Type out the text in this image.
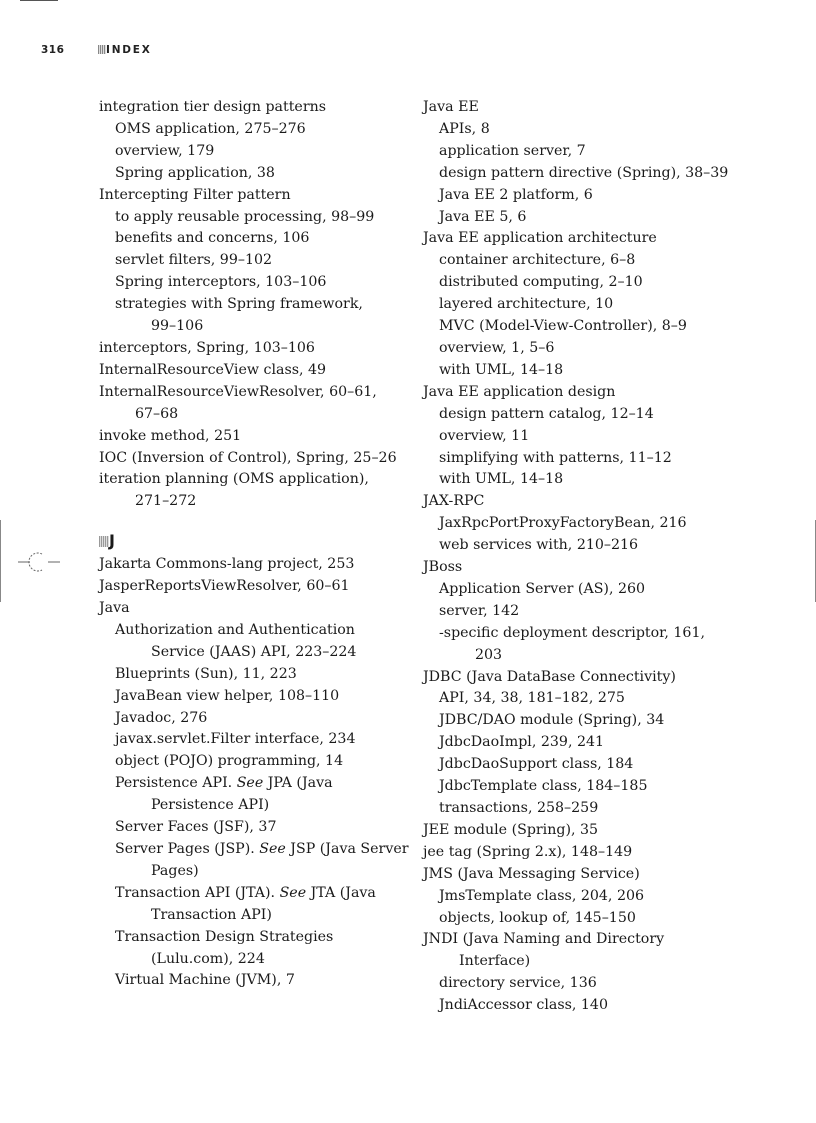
316	INDEX
integration tier design patterns
OMS application, 275–276
overview, 179
Spring application, 38
Intercepting Filter pattern
to apply reusable processing, 98–99
benefits and concerns, 106
servlet filters, 99–102
Spring interceptors, 103–106
strategies with Spring framework,
99–106
interceptors, Spring, 103–106
InternalResourceView class, 49
InternalResourceViewResolver, 60–61,
67–68
invoke method, 251
IOC (Inversion of Control), Spring, 25–26
iteration planning (OMS application),
271–272
J
Jakarta Commons-lang project, 253
JasperReportsViewResolver, 60–61
Java
Authorization and Authentication
Service (JAAS) API, 223–224
Blueprints (Sun), 11, 223
JavaBean view helper, 108–110
Javadoc, 276
javax.servlet.Filter interface, 234
object (POJO) programming, 14
Persistence API. See JPA (Java
Persistence API)
Server Faces (JSF), 37
Server Pages (JSP). See JSP (Java Server
Pages)
Transaction API (JTA). See JTA (Java
Transaction API)
Transaction Design Strategies
(Lulu.com), 224
Virtual Machine (JVM), 7
Java EE
APIs, 8
application server, 7
design pattern directive (Spring), 38–39
Java EE 2 platform, 6
Java EE 5, 6
Java EE application architecture
container architecture, 6–8
distributed computing, 2–10
layered architecture, 10
MVC (Model-View-Controller), 8–9
overview, 1, 5–6
with UML, 14–18
Java EE application design
design pattern catalog, 12–14
overview, 11
simplifying with patterns, 11–12
with UML, 14–18
JAX-RPC
JaxRpcPortProxyFactoryBean, 216
web services with, 210–216
JBoss
Application Server (AS), 260
server, 142
-specific deployment descriptor, 161,
203
JDBC (Java DataBase Connectivity)
API, 34, 38, 181–182, 275
JDBC/DAO module (Spring), 34
JdbcDaoImpl, 239, 241
JdbcDaoSupport class, 184
JdbcTemplate class, 184–185
transactions, 258–259
JEE module (Spring), 35
jee tag (Spring 2.x), 148–149
JMS (Java Messaging Service)
JmsTemplate class, 204, 206
objects, lookup of, 145–150
JNDI (Java Naming and Directory
Interface)
directory service, 136
JndiAccessor class, 140
